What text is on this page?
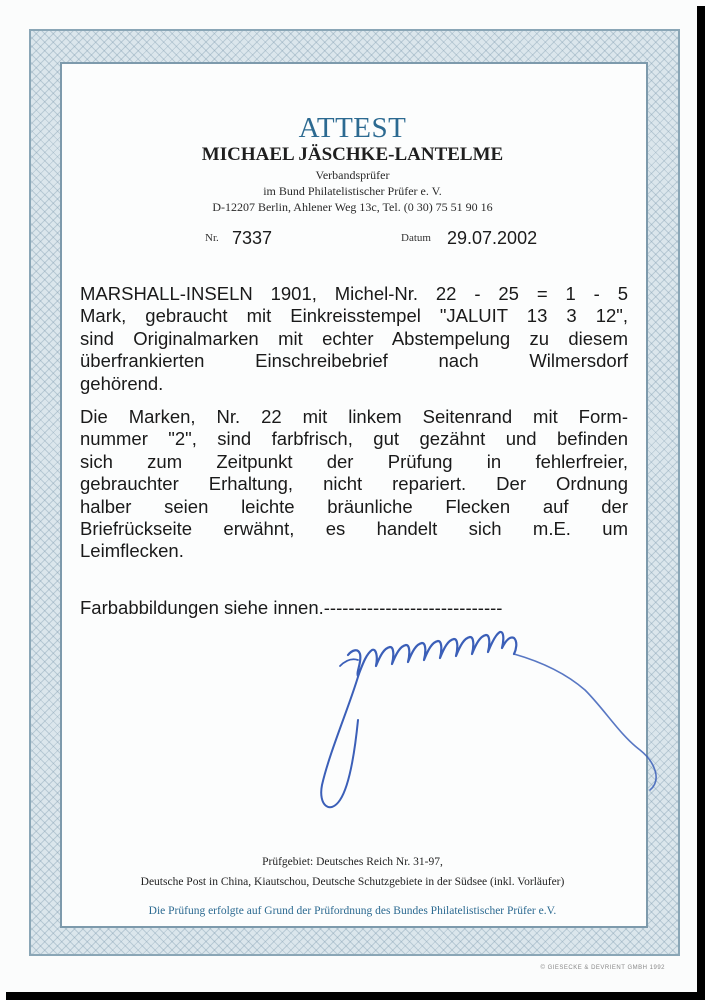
ATTEST
MICHAEL JÄSCHKE-LANTELME
Verbandsprüfer
im Bund Philatelistischer Prüfer e. V.
D-12207 Berlin, Ahlener Weg 13c, Tel. (0 30) 75 51 90 16
Nr. 7337	Datum 29.07.2002
MARSHALL-INSELN 1901, Michel-Nr. 22 - 25 = 1 - 5
Mark, gebraucht mit Einkreisstempel "JALUIT 13 3 12",
sind Originalmarken mit echter Abstempelung zu diesem
überfrankierten Einschreibebrief nach Wilmersdorf
gehörend.
Die Marken, Nr. 22 mit linkem Seitenrand mit Form-
nummer "2", sind farbfrisch, gut gezähnt und befinden
sich zum Zeitpunkt der Prüfung in fehlerfreier,
gebrauchter Erhaltung, nicht repariert. Der Ordnung
halber seien leichte bräunliche Flecken auf der
Briefrückseite erwähnt, es handelt sich m.E. um
Leimflecken.
Farbabbildungen siehe innen.-----------------------------
Prüfgebiet: Deutsches Reich Nr. 31-97,
Deutsche Post in China, Kiautschou, Deutsche Schutzgebiete in der Südsee (inkl. Vorläufer)
Die Prüfung erfolgte auf Grund der Prüfordnung des Bundes Philatelistischer Prüfer e.V.
© GIESECKE & DEVRIENT GMBH 1992
